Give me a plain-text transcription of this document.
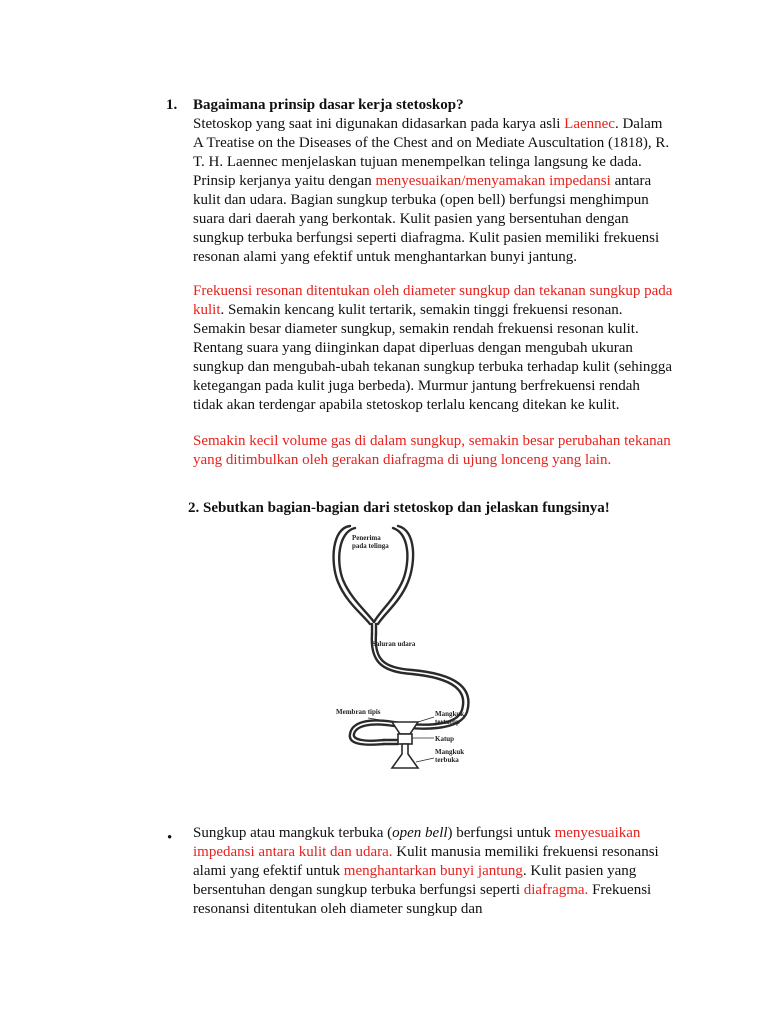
1. Bagaimana prinsip dasar kerja stetoskop?
Stetoskop yang saat ini digunakan didasarkan pada karya asli Laennec. Dalam A Treatise on the Diseases of the Chest and on Mediate Auscultation (1818), R. T. H. Laennec menjelaskan tujuan menempelkan telinga langsung ke dada. Prinsip kerjanya yaitu dengan menyesuaikan/menyamakan impedansi antara kulit dan udara. Bagian sungkup terbuka (open bell) berfungsi menghimpun suara dari daerah yang berkontak. Kulit pasien yang bersentuhan dengan sungkup terbuka berfungsi seperti diafragma. Kulit pasien memiliki frekuensi resonan alami yang efektif untuk menghantarkan bunyi jantung.
Frekuensi resonan ditentukan oleh diameter sungkup dan tekanan sungkup pada kulit. Semakin kencang kulit tertarik, semakin tinggi frekuensi resonan. Semakin besar diameter sungkup, semakin rendah frekuensi resonan kulit. Rentang suara yang diinginkan dapat diperluas dengan mengubah ukuran sungkup dan mengubah-ubah tekanan sungkup terbuka terhadap kulit (sehingga ketegangan pada kulit juga berbeda). Murmur jantung berfrekuensi rendah tidak akan terdengar apabila stetoskop terlalu kencang ditekan ke kulit.
Semakin kecil volume gas di dalam sungkup, semakin besar perubahan tekanan yang ditimbulkan oleh gerakan diafragma di ujung lonceng yang lain.
2. Sebutkan bagian-bagian dari stetoskop dan jelaskan fungsinya!
Penerima pada telinga
Saluran udara
Membran tipis	Mangkuk tertutup
Katup
Mangkuk terbuka
• Sungkup atau mangkuk terbuka (open bell) berfungsi untuk menyesuaikan impedansi antara kulit dan udara. Kulit manusia memiliki frekuensi resonansi alami yang efektif untuk menghantarkan bunyi jantung. Kulit pasien yang bersentuhan dengan sungkup terbuka berfungsi seperti diafragma. Frekuensi resonansi ditentukan oleh diameter sungkup dan
